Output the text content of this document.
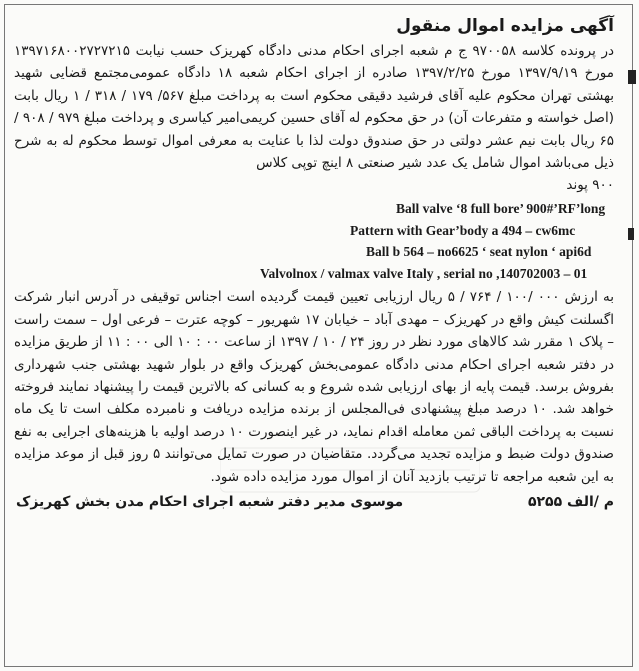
آگهی مزایده اموال منقول

در پرونده کلاسه ۹۷۰۰۵۸ ج م شعبه اجرای احکام مدنی دادگاه کهریزک حسب نیابت ۱۳۹۷۱۶۸۰۰۲۷۲۷۲۱۵ مورخ ۱۳۹۷/۹/۱۹ مورخ ۱۳۹۷/۲/۲۵ صادره از اجرای احکام شعبه ۱۸ دادگاه عمومی‌مجتمع قضایی شهید بهشتی تهران محکوم علیه آقای فرشید دقیقی محکوم است به پرداخت مبلغ ۵۶۷/ ۱۷۹ / ۳۱۸ / ۱ ریال بابت (اصل خواسته و متفرعات آن) در حق محکوم له آقای حسین کریمی‌امیر کیاسری و پرداخت مبلغ ۹۷۹ / ۹۰۸ / ۶۵ ریال بابت نیم عشر دولتی در حق صندوق دولت لذا با عنایت به معرفی اموال توسط محکوم له به شرح ذیل می‌باشد اموال شامل یک عدد شیر صنعتی ۸ اینچ توپی کلاس

۹۰۰ پوند

Ball valve ‘8 full bore’ 900#’RF’long

Pattern with Gear’body a 494 – cw6mc

Ball b 564 – no6625 ‘ seat nylon ‘ api6d

Valvolnox / valmax valve Italy , serial no ,140702003 – 01

به ارزش ۰۰۰ /۱۰۰ / ۷۶۴ / ۵ ریال ارزیابی تعیین قیمت گردیده است اجناس توقیفی در آدرس انبار شرکت اگسلنت کیش واقع در کهریزک – مهدی آباد – خیابان ۱۷ شهریور – کوچه عترت – فرعی اول – سمت راست – پلاک ۱ مقرر شد کالاهای مورد نظر در روز ۲۴ / ۱۰ / ۱۳۹۷ از ساعت ۰۰ : ۱۰ الی ۰۰ : ۱۱ از طریق مزایده در دفتر شعبه اجرای احکام مدنی دادگاه عمومی‌بخش کهریزک واقع در بلوار شهید بهشتی جنب شهرداری بفروش برسد. قیمت پایه از بهای ارزیابی شده شروع و به کسانی که بالاترین قیمت را پیشنهاد نمایند فروخته خواهد شد. ۱۰ درصد مبلغ پیشنهادی فی‌المجلس از برنده مزایده دریافت و نامبرده مکلف است تا یک ماه نسبت به پرداخت الباقی ثمن معامله اقدام نماید، در غیر اینصورت ۱۰ درصد اولیه با هزینه‌های اجرایی به نفع صندوق دولت ضبط و مزایده تجدید می‌گردد. متقاضیان در صورت تمایل می‌توانند ۵ روز قبل از موعد مزایده به این شعبه مراجعه تا ترتیب بازدید آنان از اموال مورد مزایده داده شود.

موسوی مدیر دفتر شعبه اجرای احکام مدن بخش کهریزک	م /الف ۵۲۵۵
